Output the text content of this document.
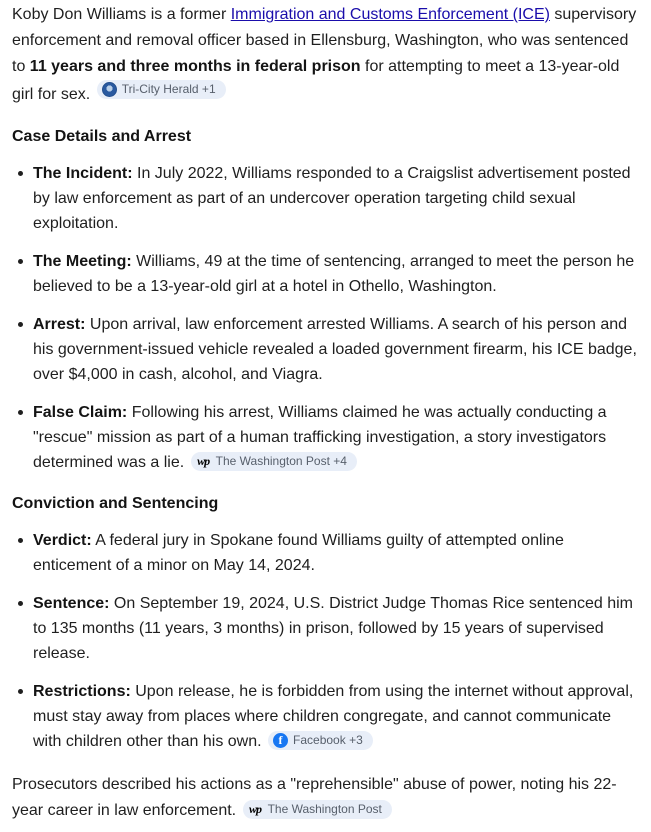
Koby Don Williams is a former Immigration and Customs Enforcement (ICE) supervisory enforcement and removal officer based in Ellensburg, Washington, who was sentenced to 11 years and three months in federal prison for attempting to meet a 13-year-old girl for sex.	Tri-City Herald +1

Case Details and Arrest
The Incident: In July 2022, Williams responded to a Craigslist advertisement posted by law enforcement as part of an undercover operation targeting child sexual exploitation.
The Meeting: Williams, 49 at the time of sentencing, arranged to meet the person he believed to be a 13-year-old girl at a hotel in Othello, Washington.
Arrest: Upon arrival, law enforcement arrested Williams. A search of his person and his government-issued vehicle revealed a loaded government firearm, his ICE badge, over $4,000 in cash, alcohol, and Viagra.
False Claim: Following his arrest, Williams claimed he was actually conducting a "rescue" mission as part of a human trafficking investigation, a story investigators determined was a lie. wp The Washington Post +4
Conviction and Sentencing
Verdict: A federal jury in Spokane found Williams guilty of attempted online enticement of a minor on May 14, 2024.
Sentence: On September 19, 2024, U.S. District Judge Thomas Rice sentenced him to 135 months (11 years, 3 months) in prison, followed by 15 years of supervised release.
Restrictions: Upon release, he is forbidden from using the internet without approval, must stay away from places where children congregate, and cannot communicate with children other than his own.	f Facebook +3

Prosecutors described his actions as a "reprehensible" abuse of power, noting his 22-year career in law enforcement. wp The Washington Post
